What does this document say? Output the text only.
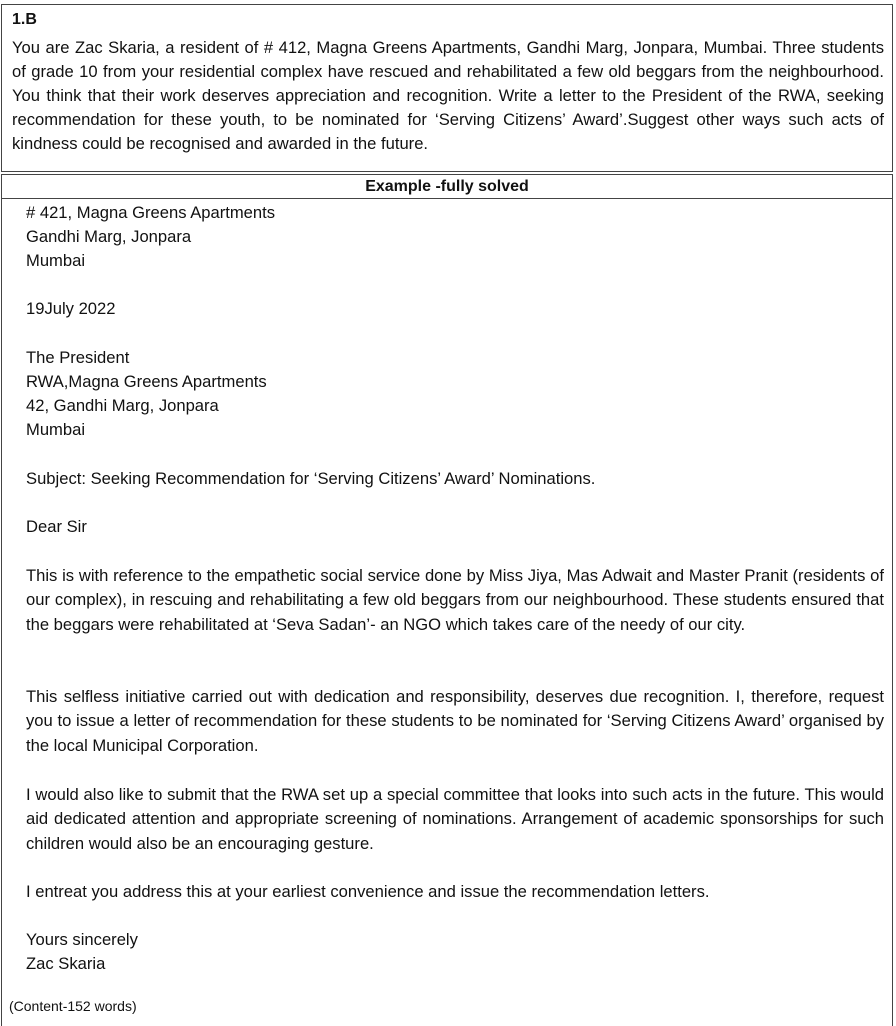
1.B

You are Zac Skaria, a resident of # 412, Magna Greens Apartments, Gandhi Marg, Jonpara, Mumbai. Three students of grade 10 from your residential complex have rescued and rehabilitated a few old beggars from the neighbourhood. You think that their work deserves appreciation and recognition. Write a letter to the President of the RWA, seeking recommendation for these youth, to be nominated for ‘Serving Citizens’ Award’.Suggest other ways such acts of kindness could be recognised and awarded in the future.

Example -fully solved
# 421, Magna Greens Apartments
Gandhi Marg, Jonpara
Mumbai
19July 2022
The President
RWA,Magna Greens Apartments
42, Gandhi Marg, Jonpara
Mumbai
Subject: Seeking Recommendation for ‘Serving Citizens’ Award’ Nominations.
Dear Sir

This is with reference to the empathetic social service done by Miss Jiya, Mas Adwait and Master Pranit (residents of our complex), in rescuing and rehabilitating a few old beggars from our neighbourhood. These students ensured that the beggars were rehabilitated at ‘Seva Sadan’- an NGO which takes care of the needy of our city.

This selfless initiative carried out with dedication and responsibility, deserves due recognition. I, therefore, request you to issue a letter of recommendation for these students to be nominated for ‘Serving Citizens Award’ organised by the local Municipal Corporation.

I would also like to submit that the RWA set up a special committee that looks into such acts in the future. This would aid dedicated attention and appropriate screening of nominations. Arrangement of academic sponsorships for such children would also be an encouraging gesture.

I entreat you address this at your earliest convenience and issue the recommendation letters.

Yours sincerely
Zac Skaria
(Content-152 words)
